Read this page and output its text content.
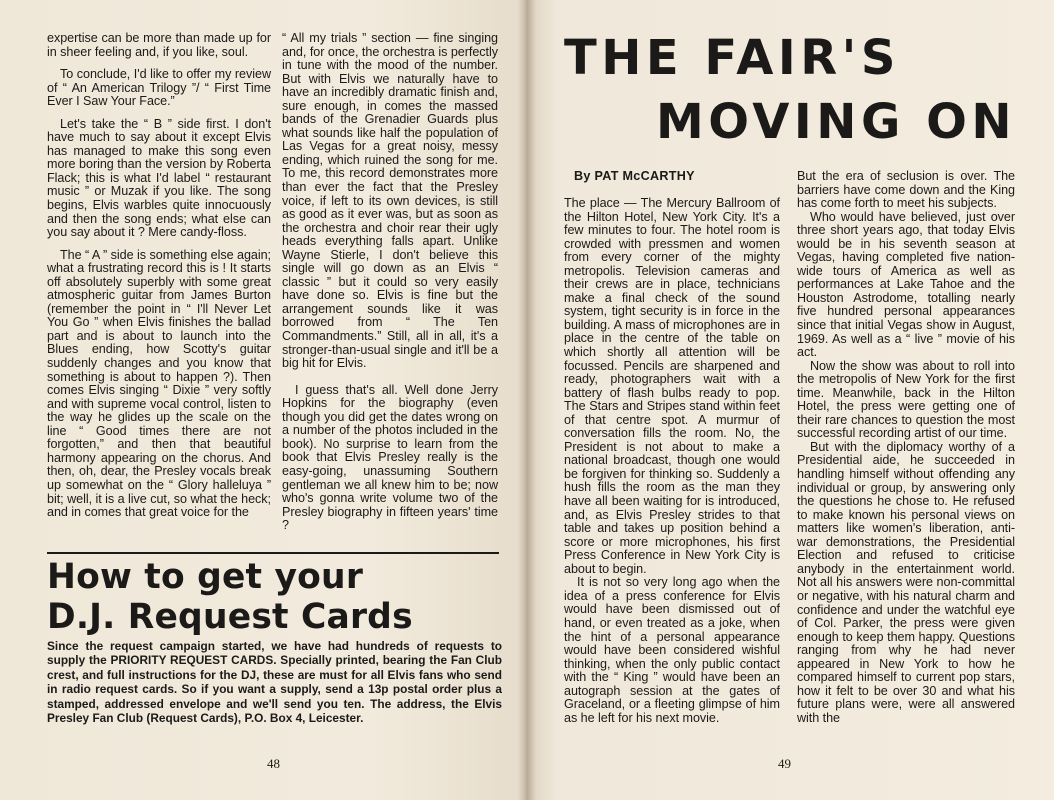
expertise can be more than made up for in sheer feeling and, if you like, soul.

To conclude, I'd like to offer my review of “ An American Trilogy ”/ “ First Time Ever I Saw Your Face.”

Let's take the “ B ” side first. I don't have much to say about it except Elvis has managed to make this song even more boring than the version by Roberta Flack; this is what I'd label “ restaurant music ” or Muzak if you like. The song begins, Elvis warbles quite innocuously and then the song ends; what else can you say about it ? Mere candy-floss.

The “ A ” side is something else again; what a frustrating record this is ! It starts off absolutely superbly with some great atmospheric guitar from James Burton (remember the point in “ I'll Never Let You Go ” when Elvis finishes the ballad part and is about to launch into the Blues ending, how Scotty's guitar suddenly changes and you know that something is about to happen ?). Then comes Elvis singing “ Dixie ” very softly and with supreme vocal control, listen to the way he glides up the scale on the line “ Good times there are not forgotten,” and then that beautiful harmony appearing on the chorus. And then, oh, dear, the Presley vocals break up somewhat on the “ Glory halleluya ” bit; well, it is a live cut, so what the heck; and in comes that great voice for the

“ All my trials ” section — fine singing and, for once, the orchestra is perfectly in tune with the mood of the number. But with Elvis we naturally have to have an incredibly dramatic finish and, sure enough, in comes the massed bands of the Grenadier Guards plus what sounds like half the population of Las Vegas for a great noisy, messy ending, which ruined the song for me. To me, this record demonstrates more than ever the fact that the Presley voice, if left to its own devices, is still as good as it ever was, but as soon as the orchestra and choir rear their ugly heads everything falls apart. Unlike Wayne Stierle, I don't believe this single will go down as an Elvis “ classic ” but it could so very easily have done so. Elvis is fine but the arrangement sounds like it was borrowed from “ The Ten Commandments.” Still, all in all, it's a stronger-than-usual single and it'll be a big hit for Elvis.

I guess that's all. Well done Jerry Hopkins for the biography (even though you did get the dates wrong on a number of the photos included in the book). No surprise to learn from the book that Elvis Presley really is the easy-going, unassuming Southern gentleman we all knew him to be; now who's gonna write volume two of the Presley biography in fifteen years' time ?

How to get your
D.J. Request Cards

Since the request campaign started, we have had hundreds of requests to supply the PRIORITY REQUEST CARDS. Specially printed, bearing the Fan Club crest, and full instructions for the DJ, these are must for all Elvis fans who send in radio request cards. So if you want a supply, send a 13p postal order plus a stamped, addressed envelope and we'll send you ten. The address, the Elvis Presley Fan Club (Request Cards), P.O. Box 4, Leicester.

48
THE FAIR'S
MOVING ON
By PAT McCARTHY

The place — The Mercury Ballroom of the Hilton Hotel, New York City. It's a few minutes to four. The hotel room is crowded with pressmen and women from every corner of the mighty metropolis. Television cameras and their crews are in place, technicians make a final check of the sound system, tight security is in force in the building. A mass of microphones are in place in the centre of the table on which shortly all attention will be focussed. Pencils are sharpened and ready, photographers wait with a battery of flash bulbs ready to pop. The Stars and Stripes stand within feet of that centre spot. A murmur of conversation fills the room. No, the President is not about to make a national broadcast, though one would be forgiven for thinking so. Suddenly a hush fills the room as the man they have all been waiting for is introduced, and, as Elvis Presley strides to that table and takes up position behind a score or more microphones, his first Press Conference in New York City is about to begin.

It is not so very long ago when the idea of a press conference for Elvis would have been dismissed out of hand, or even treated as a joke, when the hint of a personal appearance would have been considered wishful thinking, when the only public contact with the “ King ” would have been an autograph session at the gates of Graceland, or a fleeting glimpse of him as he left for his next movie.

But the era of seclusion is over. The barriers have come down and the King has come forth to meet his subjects.

Who would have believed, just over three short years ago, that today Elvis would be in his seventh season at Vegas, having completed five nation-wide tours of America as well as performances at Lake Tahoe and the Houston Astrodome, totalling nearly five hundred personal appearances since that initial Vegas show in August, 1969. As well as a “ live ” movie of his act.

Now the show was about to roll into the metropolis of New York for the first time. Meanwhile, back in the Hilton Hotel, the press were getting one of their rare chances to question the most successful recording artist of our time.

But with the diplomacy worthy of a Presidential aide, he succeeded in handling himself without offending any individual or group, by answering only the questions he chose to. He refused to make known his personal views on matters like women's liberation, anti-war demonstrations, the Presidential Election and refused to criticise anybody in the entertainment world. Not all his answers were non-committal or negative, with his natural charm and confidence and under the watchful eye of Col. Parker, the press were given enough to keep them happy. Questions ranging from why he had never appeared in New York to how he compared himself to current pop stars, how it felt to be over 30 and what his future plans were, were all answered with the

49
